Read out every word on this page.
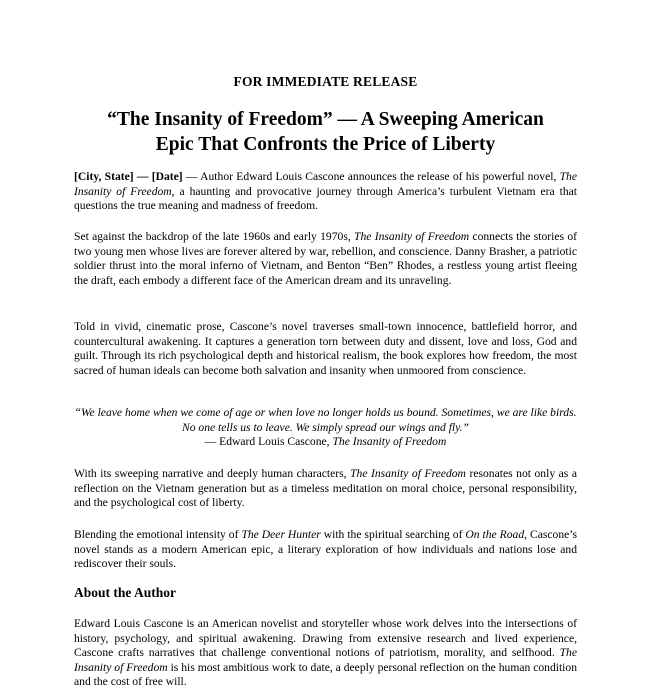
FOR IMMEDIATE RELEASE
“The Insanity of Freedom” — A Sweeping American
Epic That Confronts the Price of Liberty

[City, State] — [Date] — Author Edward Louis Cascone announces the release of his powerful novel, The Insanity of Freedom, a haunting and provocative journey through America’s turbulent Vietnam era that questions the true meaning and madness of freedom.

Set against the backdrop of the late 1960s and early 1970s, The Insanity of Freedom connects the stories of two young men whose lives are forever altered by war, rebellion, and conscience. Danny Brasher, a patriotic soldier thrust into the moral inferno of Vietnam, and Benton “Ben” Rhodes, a restless young artist fleeing the draft, each embody a different face of the American dream and its unraveling.

Told in vivid, cinematic prose, Cascone’s novel traverses small-town innocence, battlefield horror, and countercultural awakening. It captures a generation torn between duty and dissent, love and loss, God and guilt. Through its rich psychological depth and historical realism, the book explores how freedom, the most sacred of human ideals can become both salvation and insanity when unmoored from conscience.

“We leave home when we come of age or when love no longer holds us bound. Sometimes, we are like birds. No one tells us to leave. We simply spread our wings and fly.”
— Edward Louis Cascone, The Insanity of Freedom

With its sweeping narrative and deeply human characters, The Insanity of Freedom resonates not only as a reflection on the Vietnam generation but as a timeless meditation on moral choice, personal responsibility, and the psychological cost of liberty.

Blending the emotional intensity of The Deer Hunter with the spiritual searching of On the Road, Cascone’s novel stands as a modern American epic, a literary exploration of how individuals and nations lose and rediscover their souls.

About the Author

Edward Louis Cascone is an American novelist and storyteller whose work delves into the intersections of history, psychology, and spiritual awakening. Drawing from extensive research and lived experience, Cascone crafts narratives that challenge conventional notions of patriotism, morality, and selfhood. The Insanity of Freedom is his most ambitious work to date, a deeply personal reflection on the human condition and the cost of free will.
